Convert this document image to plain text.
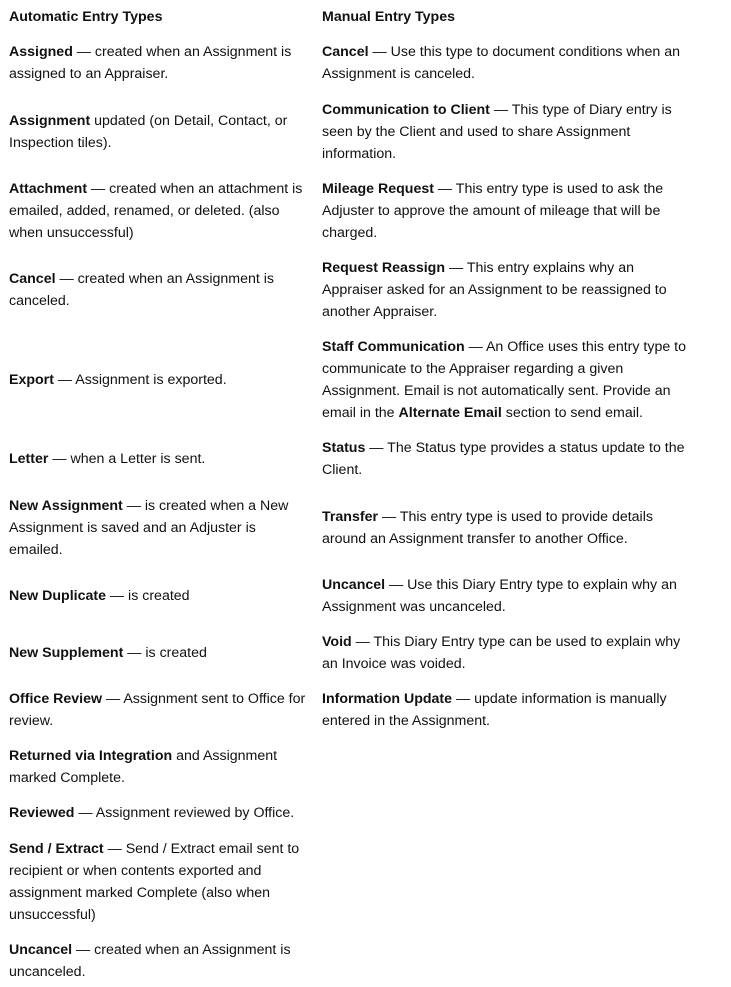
Automatic Entry Types
Assigned — created when an Assignment is assigned to an Appraiser.
Assignment updated (on Detail, Contact, or Inspection tiles).
Attachment — created when an attachment is emailed, added, renamed, or deleted. (also when unsuccessful)
Cancel — created when an Assignment is canceled.
Export — Assignment is exported.
Letter — when a Letter is sent.
New Assignment — is created when a New Assignment is saved and an Adjuster is emailed.
New Duplicate — is created
New Supplement — is created
Office Review — Assignment sent to Office for review.
Returned via Integration and Assignment marked Complete.
Reviewed — Assignment reviewed by Office.
Send / Extract — Send / Extract email sent to recipient or when contents exported and assignment marked Complete (also when unsuccessful)
Uncancel — created when an Assignment is uncanceled.
Manual Entry Types
Cancel — Use this type to document conditions when an Assignment is canceled.
Communication to Client — This type of Diary entry is seen by the Client and used to share Assignment information.
Mileage Request — This entry type is used to ask the Adjuster to approve the amount of mileage that will be charged.
Request Reassign — This entry explains why an Appraiser asked for an Assignment to be reassigned to another Appraiser.
Staff Communication — An Office uses this entry type to communicate to the Appraiser regarding a given Assignment. Email is not automatically sent. Provide an email in the Alternate Email section to send email.
Status — The Status type provides a status update to the Client.
Transfer — This entry type is used to provide details around an Assignment transfer to another Office.
Uncancel — Use this Diary Entry type to explain why an Assignment was uncanceled.
Void — This Diary Entry type can be used to explain why an Invoice was voided.
Information Update — update information is manually entered in the Assignment.
